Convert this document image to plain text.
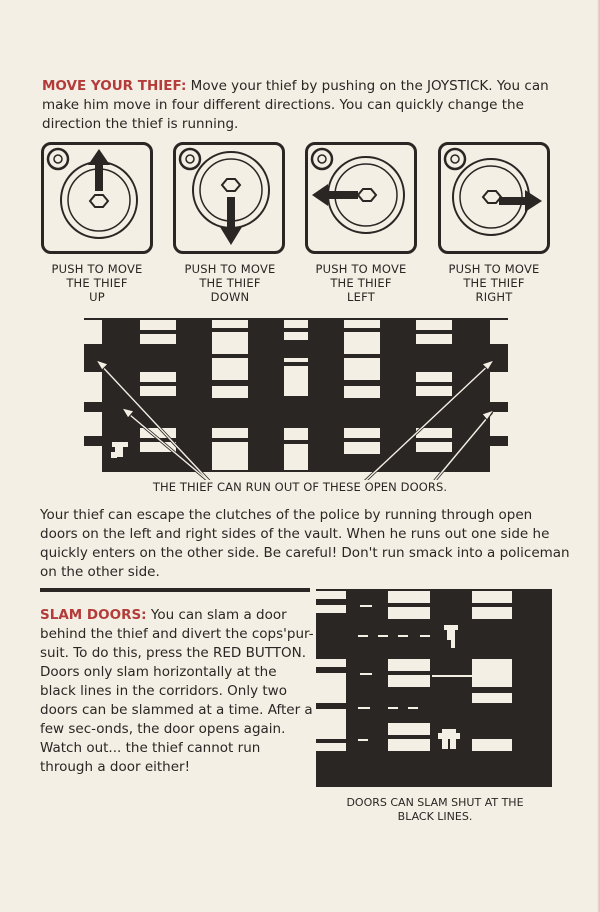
MOVE YOUR THIEF: Move your thief by pushing on the JOYSTICK. You can make him move in four different directions. You can quickly change the direction the thief is running.
PUSH TO MOVE
THE THIEF
UP
PUSH TO MOVE
THE THIEF
DOWN
PUSH TO MOVE
THE THIEF
LEFT
PUSH TO MOVE
THE THIEF
RIGHT
THE THIEF CAN RUN OUT OF THESE OPEN DOORS.
Your thief can escape the clutches of the police by running through open doors on the left and right sides of the vault. When he runs out one side he quickly enters on the other side. Be careful! Don't run smack into a policeman on the other side.
SLAM DOORS: You can slam a door behind the thief and divert the cops'pur-suit. To do this, press the RED BUTTON. Doors only slam horizontally at the black lines in the corridors. Only two doors can be slammed at a time. After a few sec-onds, the door opens again. Watch out... the thief cannot run through a door either!
DOORS CAN SLAM SHUT AT THE
BLACK LINES.
